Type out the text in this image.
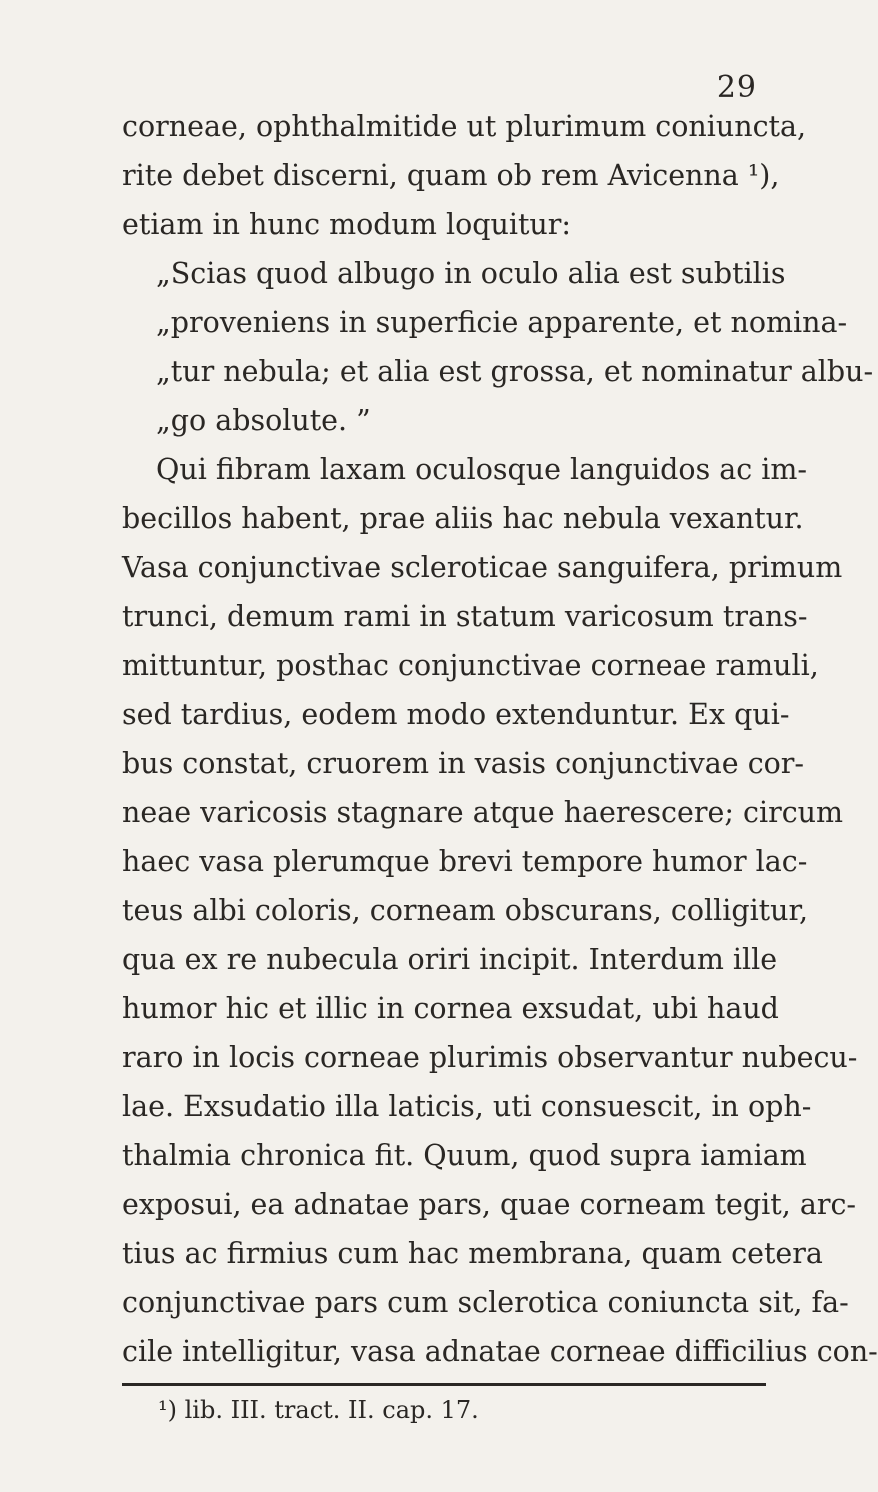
29
corneae, ophthalmitide ut plurimum coniuncta,
rite debet discerni, quam ob rem Avicenna ¹),
etiam in hunc modum loquitur:
„Scias quod albugo in oculo alia est subtilis
„proveniens in superficie apparente, et nomina-
„tur nebula; et alia est grossa, et nominatur albu-
„go absolute. ”
Qui fibram laxam oculosque languidos ac im-
becillos habent, prae aliis hac nebula vexantur.
Vasa conjunctivae scleroticae sanguifera, primum
trunci, demum rami in statum varicosum trans-
mittuntur, posthac conjunctivae corneae ramuli,
sed tardius, eodem modo extenduntur. Ex qui-
bus constat, cruorem in vasis conjunctivae cor-
neae varicosis stagnare atque haerescere; circum
haec vasa plerumque brevi tempore humor lac-
teus albi coloris, corneam obscurans, colligitur,
qua ex re nubecula oriri incipit. Interdum ille
humor hic et illic in cornea exsudat, ubi haud
raro in locis corneae plurimis observantur nubecu-
lae. Exsudatio illa laticis, uti consuescit, in oph-
thalmia chronica fit. Quum, quod supra iamiam
exposui, ea adnatae pars, quae corneam tegit, arc-
tius ac firmius cum hac membrana, quam cetera
conjunctivae pars cum sclerotica coniuncta sit, fa-
cile intelligitur, vasa adnatae corneae difficilius con-
¹) lib. III. tract. II. cap. 17.
